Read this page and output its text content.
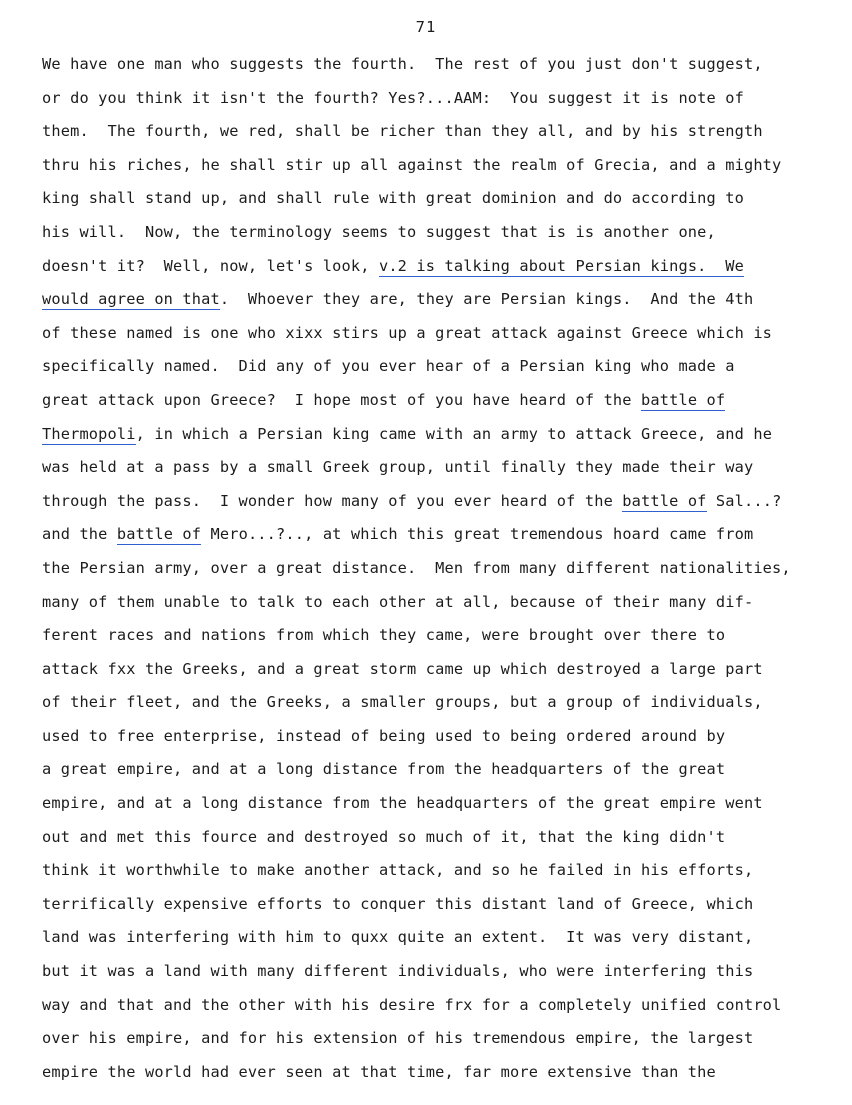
71
We have one man who suggests the fourth.  The rest of you just don't suggest,
or do you think it isn't the fourth? Yes?...AAM:  You suggest it is note of
them.  The fourth, we red, shall be richer than they all, and by his strength
thru his riches, he shall stir up all against the realm of Grecia, and a mighty
king shall stand up, and shall rule with great dominion and do according to
his will.  Now, the terminology seems to suggest that is is another one,
doesn't it?  Well, now, let's look, v.2 is talking about Persian kings.  We
would agree on that.  Whoever they are, they are Persian kings.  And the 4th
of these named is one who xixx stirs up a great attack against Greece which is
specifically named.  Did any of you ever hear of a Persian king who made a
great attack upon Greece?  I hope most of you have heard of the battle of
Thermopoli, in which a Persian king came with an army to attack Greece, and he
was held at a pass by a small Greek group, until finally they made their way
through the pass.  I wonder how many of you ever heard of the battle of Sal...?
and the battle of Mero...?.., at which this great tremendous hoard came from
the Persian army, over a great distance.  Men from many different nationalities,
many of them unable to talk to each other at all, because of their many dif-
ferent races and nations from which they came, were brought over there to
attack fxx the Greeks, and a great storm came up which destroyed a large part
of their fleet, and the Greeks, a smaller groups, but a group of individuals,
used to free enterprise, instead of being used to being ordered around by
a great empire, and at a long distance from the headquarters of the great
empire, and at a long distance from the headquarters of the great empire went
out and met this fource and destroyed so much of it, that the king didn't
think it worthwhile to make another attack, and so he failed in his efforts,
terrifically expensive efforts to conquer this distant land of Greece, which
land was interfering with him to quxx quite an extent.  It was very distant,
but it was a land with many different individuals, who were interfering this
way and that and the other with his desire frx for a completely unified control
over his empire, and for his extension of his tremendous empire, the largest
empire the world had ever seen at that time, far more extensive than the
